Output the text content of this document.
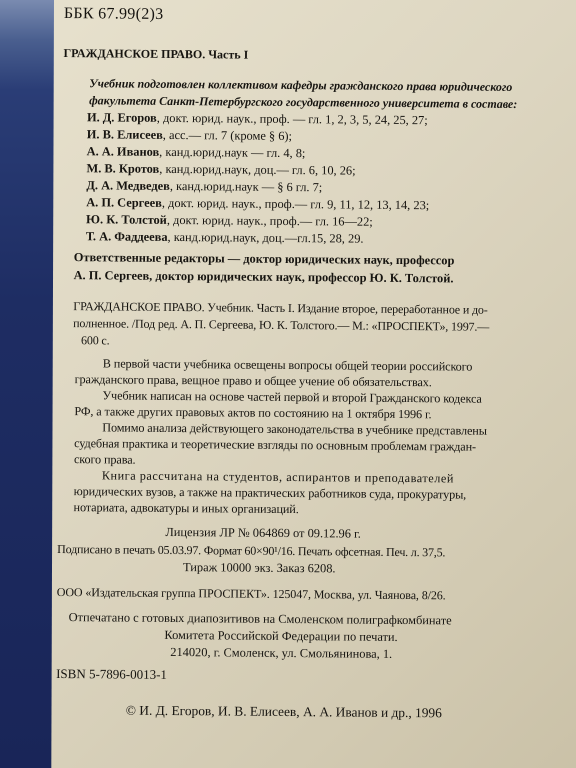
ББК 67.99(2)3
ГРАЖДАНСКОЕ ПРАВО. Часть I
Учебник подготовлен коллективом кафедры гражданского права юридического
факультета Санкт-Петербургского государственного университета в составе:
И. Д. Егоров, докт. юрид. наук., проф. — гл. 1, 2, 3, 5, 24, 25, 27;
И. В. Елисеев, асс.— гл. 7 (кроме § 6);
А. А. Иванов, канд.юрид.наук — гл. 4, 8;
М. В. Кротов, канд.юрид.наук, доц.— гл. 6, 10, 26;
Д. А. Медведев, канд.юрид.наук — § 6 гл. 7;
А. П. Сергеев, докт. юрид. наук., проф.— гл. 9, 11, 12, 13, 14, 23;
Ю. К. Толстой, докт. юрид. наук., проф.— гл. 16—22;
Т. А. Фаддеева, канд.юрид.наук, доц.—гл.15, 28, 29.
Ответственные редакторы — доктор юридических наук, профессор
А. П. Сергеев, доктор юридических наук, профессор Ю. К. Толстой.
ГРАЖДАНСКОЕ ПРАВО. Учебник. Часть I. Издание второе, переработанное и до-
полненное. /Под ред. А. П. Сергеева, Ю. К. Толстого.— М.: «ПРОСПЕКТ», 1997.—
600 с.
В первой части учебника освещены вопросы общей теории российского
гражданского права, вещное право и общее учение об обязательствах.
Учебник написан на основе частей первой и второй Гражданского кодекса
РФ, а также других правовых актов по состоянию на 1 октября 1996 г.
Помимо анализа действующего законодательства в учебнике представлены
судебная практика и теоретические взгляды по основным проблемам граждан-
ского права.
Книга рассчитана на студентов, аспирантов и преподавателей
юридических вузов, а также на практических работников суда, прокуратуры,
нотариата, адвокатуры и иных организаций.
Лицензия ЛР № 064869 от 09.12.96 г.
Подписано в печать 05.03.97. Формат 60×90¹/16. Печать офсетная. Печ. л. 37,5.
Тираж 10000 экз. Заказ 6208.
ООО «Издательская группа ПРОСПЕКТ». 125047, Москва, ул. Чаянова, 8/26.
Отпечатано с готовых диапозитивов на Смоленском полиграфкомбинате
Комитета Российской Федерации по печати.
214020, г. Смоленск, ул. Смольянинова, 1.
ISBN 5-7896-0013-1
© И. Д. Егоров, И. В. Елисеев, А. А. Иванов и др., 1996
